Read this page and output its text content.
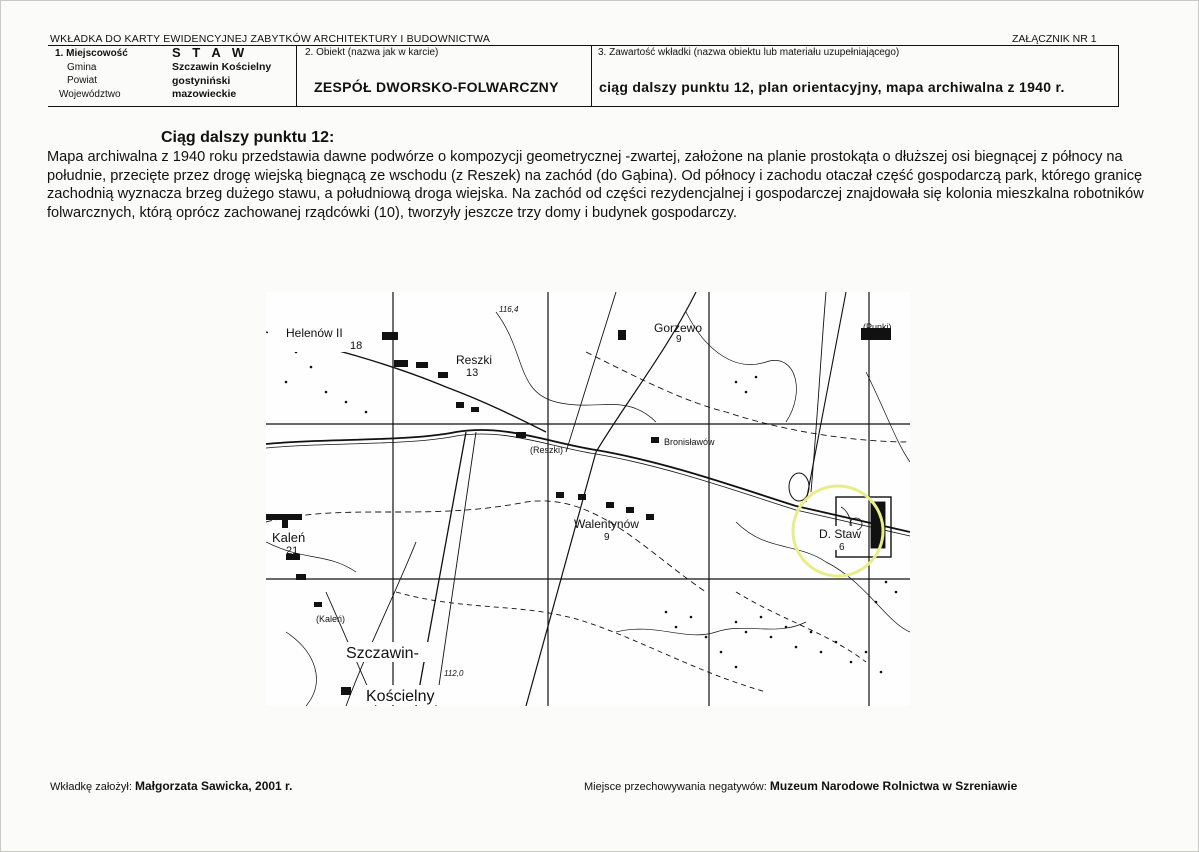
WKŁADKA DO KARTY EWIDENCYJNEJ ZABYTKÓW ARCHITEKTURY I BUDOWNICTWA	ZAŁĄCZNIK NR 1
1. Miejscowość
Gmina
Powiat
Województwo
S T A W
Szczawin Kościelny
gostyniński
mazowieckie
2. Obiekt (nazwa jak w karcie)
ZESPÓŁ DWORSKO-FOLWARCZNY
3. Zawartość wkładki (nazwa obiektu lub materiału uzupełniającego)
ciąg dalszy punktu 12, plan orientacyjny, mapa archiwalna z 1940 r.
Ciąg dalszy punktu 12:
Mapa archiwalna z 1940 roku przedstawia dawne podwórze o kompozycji geometrycznej -zwartej, założone na planie prostokąta o dłuższej osi biegnącej z północy na południe, przecięte przez drogę wiejską biegnącą ze wschodu (z Reszek) na zachód (do Gąbina). Od północy i zachodu otaczał część gospodarczą park, którego granicę zachodnią wyznacza brzeg dużego stawu, a południową droga wiejska. Na zachód od części rezydencjalnej i gospodarczej znajdowała się kolonia mieszkalna robotników folwarcznych, którą oprócz zachowanej rządcówki (10), tworzyły jeszcze trzy domy i budynek gospodarczy.
Helenów II
18
Reszki
13
(Reszki)
Gorzewo
9
Bronisławów
Walentynów
9
Kaleń
21
(Kaleń)
Szczawin-
Kościelny
D. Staw
6
(Punki)
116,4
112,0
Wkładkę założył: Małgorzata Sawicka, 2001 r.	Miejsce przechowywania negatywów: Muzeum Narodowe Rolnictwa w Szreniawie
